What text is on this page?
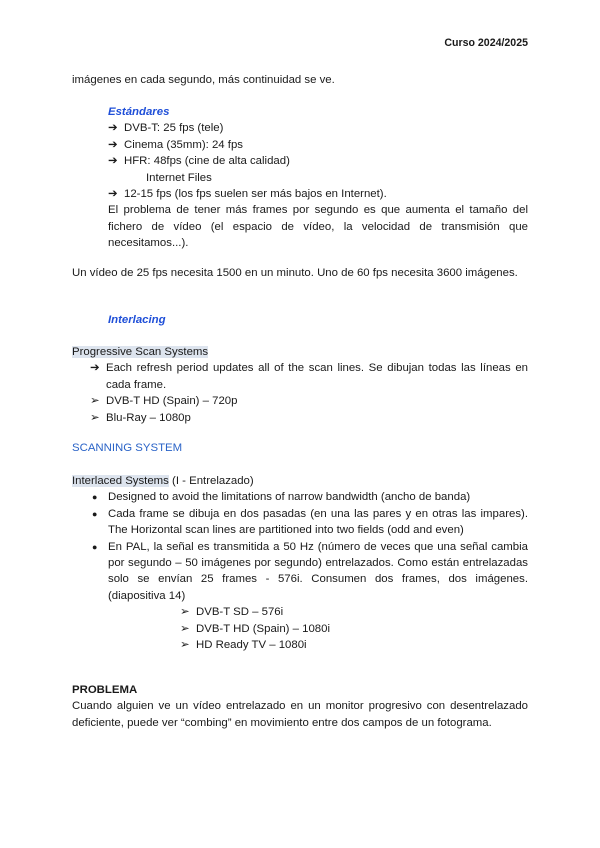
Curso 2024/2025
imágenes en cada segundo, más continuidad se ve.
Estándares
➔ DVB-T: 25 fps (tele)
➔ Cinema (35mm): 24 fps
➔ HFR: 48fps (cine de alta calidad)
Internet Files
➔ 12-15 fps (los fps suelen ser más bajos en Internet).
El problema de tener más frames por segundo es que aumenta el tamaño del fichero de vídeo (el espacio de vídeo, la velocidad de transmisión que necesitamos...).
Un vídeo de 25 fps necesita 1500 en un minuto. Uno de 60 fps necesita 3600 imágenes.
Interlacing
Progressive Scan Systems
➔ Each refresh period updates all of the scan lines. Se dibujan todas las líneas en cada frame.
➢ DVB-T HD (Spain) – 720p
➢ Blu-Ray – 1080p
SCANNING SYSTEM
Interlaced Systems (I - Entrelazado)
● Designed to avoid the limitations of narrow bandwidth (ancho de banda)
● Cada frame se dibuja en dos pasadas (en una las pares y en otras las impares). The Horizontal scan lines are partitioned into two fields (odd and even)
● En PAL, la señal es transmitida a 50 Hz (número de veces que una señal cambia por segundo – 50 imágenes por segundo) entrelazados. Como están entrelazadas solo se envían 25 frames - 576i. Consumen dos frames, dos imágenes. (diapositiva 14)
➢ DVB-T SD – 576i
➢ DVB-T HD (Spain) – 1080i
➢ HD Ready TV – 1080i
PROBLEMA
Cuando alguien ve un vídeo entrelazado en un monitor progresivo con desentrelazado deficiente, puede ver “combing” en movimiento entre dos campos de un fotograma.
